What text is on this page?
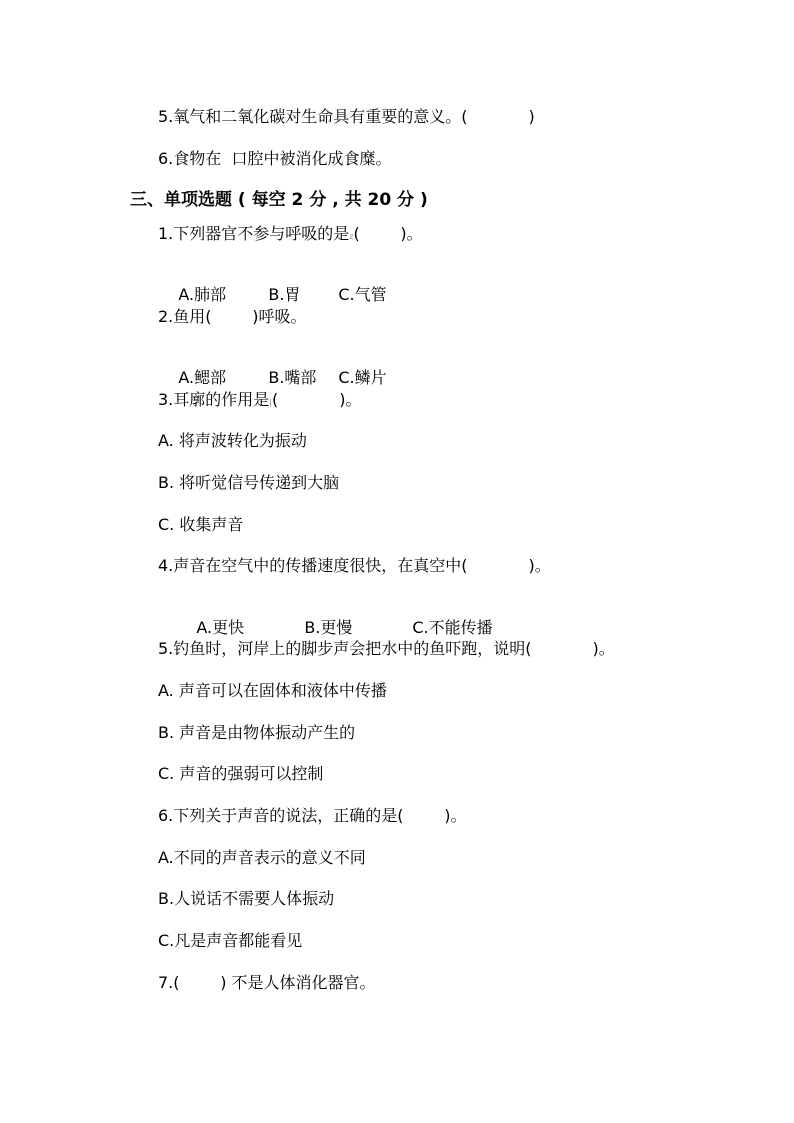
5.氧气和二氧化碳对生命具有重要的意义。(            )
6.食物在  口腔中被消化成食糜。
三、单项选题 ( 每空 2 分 , 共 20 分 )
1.下列器官不参与呼吸的是z(        )。

A.肺部	B.胃 C.气管

2.鱼用(        )呼吸。

A.鳃部	B.嘴部 C.鳞片

3.耳廓的作用是|(            )。
A. 将声波转化为振动
B. 将听觉信号传递到大脑
C. 收集声音
4.声音在空气中的传播速度很快，在真空中(            )。

A.更快	B.更慢	C.不能传播

5.钓鱼时，河岸上的脚步声会把水中的鱼吓跑，说明(            )。
A. 声音可以在固体和液体中传播
B. 声音是由物体振动产生的
C. 声音的强弱可以控制
6.下列关于声音的说法，正确的是(        )。
A.不同的声音表示的意义不同
B.人说话不需要人体振动
C.凡是声音都能看见
7.(        ) 不是人体消化器官。
